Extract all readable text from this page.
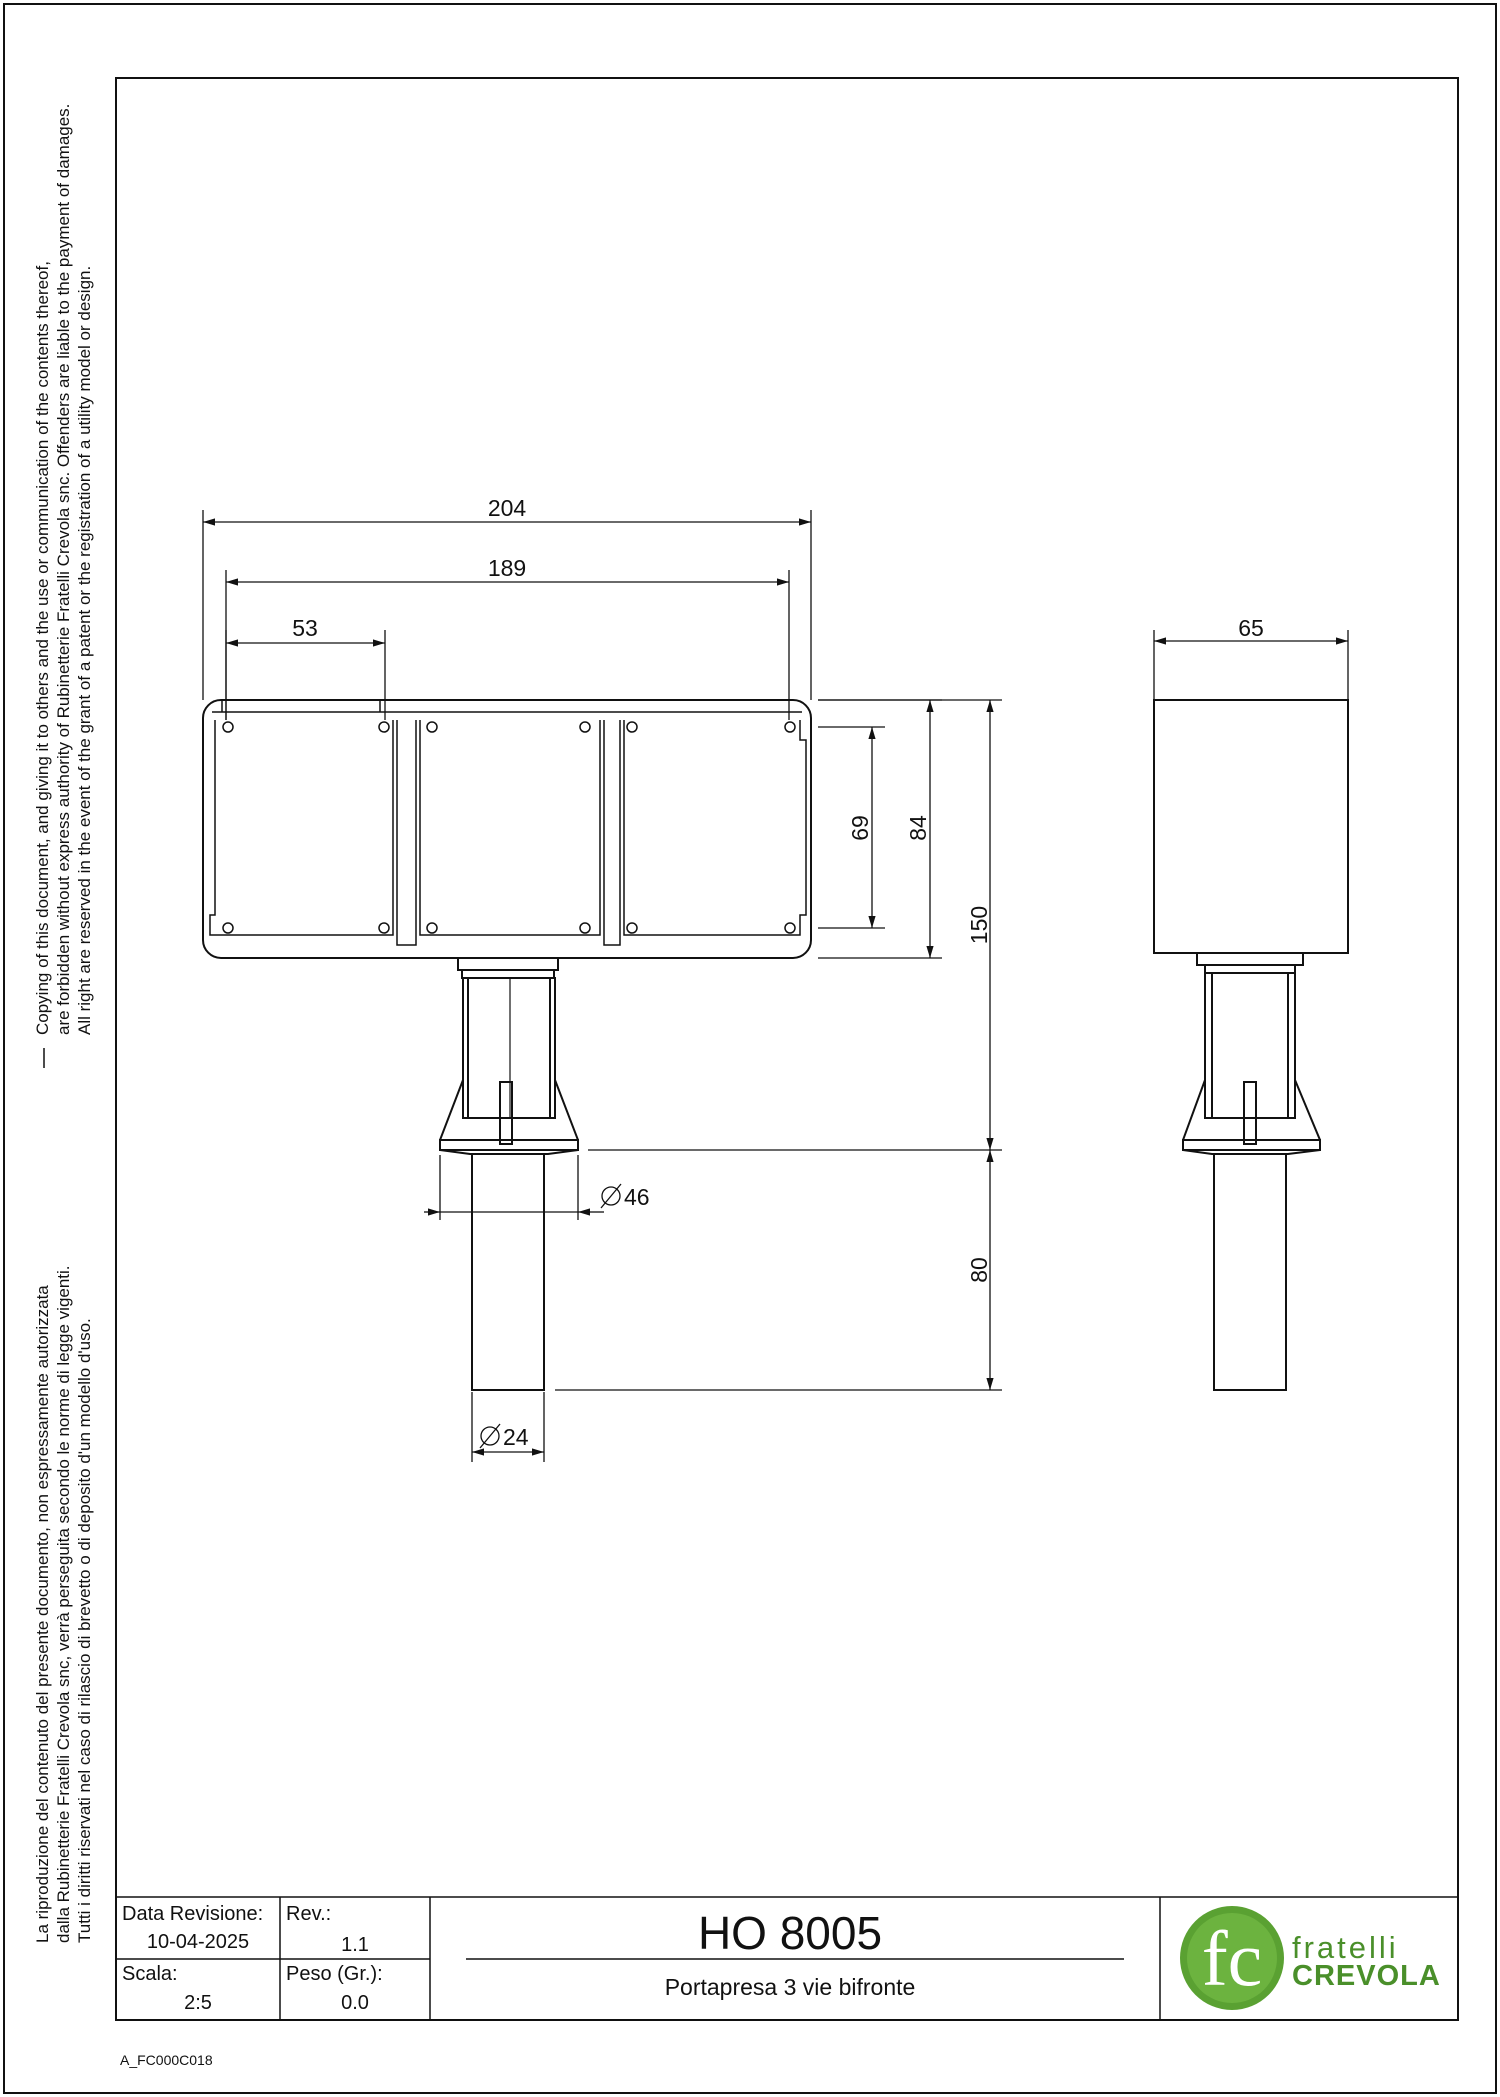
204
189
53	65
69 84
150
80
46
24
fc
Copying of this document, and giving it to others and the use or communication of the contents thereof, are forbidden without express authority of Rubinetterie Fratelli Crevola snc. Offenders are liable to the payment of damages. All right are reserved in the event of the grant of a patent or the registration of a utility model or design.
La riproduzione del contenuto del presente documento, non espressamente autorizzata dalla Rubinetterie Fratelli Crevola snc, verrà perseguita secondo le norme di legge vigenti. Tutti i diritti riservati nel caso di rilascio di brevetto o di deposito d'un modello d'uso. Data Revisione:
10-04-2025
Rev.:
1.1
Scala:
2:5
Peso (Gr.):
0.0
HO 8005
Portapresa 3 vie bifronte
fratelli
CREVOLA
A_FC000C018
